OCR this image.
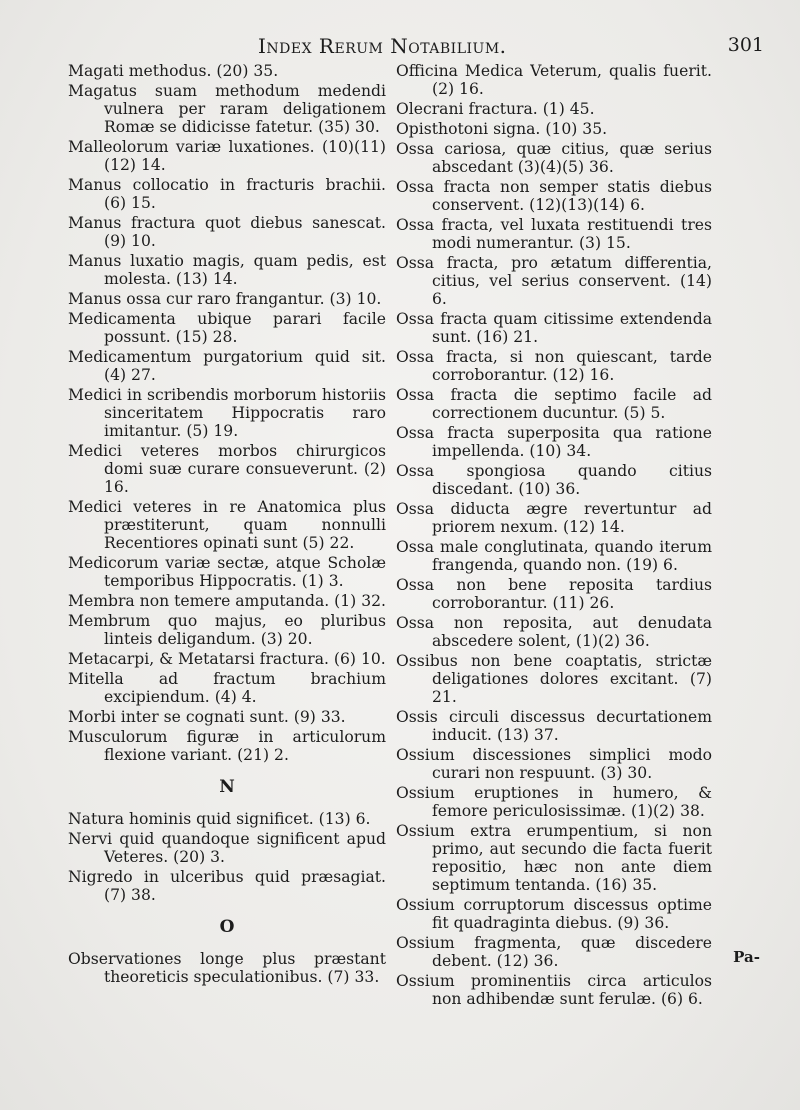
Index Rerum Notabilium.	301
Magati methodus. (20) 35.
Magatus suam methodum medendi vulnera per raram deligationem Romæ se didicisse fatetur. (35) 30.
Malleolorum variæ luxationes. (10)(11) (12) 14.
Manus collocatio in fracturis brachii. (6) 15.
Manus fractura quot diebus sanescat. (9) 10.
Manus luxatio magis, quam pedis, est molesta. (13) 14.
Manus ossa cur raro frangantur. (3) 10.
Medicamenta ubique parari facile possunt. (15) 28.
Medicamentum purgatorium quid sit. (4) 27.
Medici in scribendis morborum historiis sinceritatem Hippocratis raro imitantur. (5) 19.
Medici veteres morbos chirurgicos domi suæ curare consueverunt. (2) 16.
Medici veteres in re Anatomica plus præstiterunt, quam nonnulli Recentiores opinati sunt (5) 22.
Medicorum variæ sectæ, atque Scholæ temporibus Hippocratis. (1) 3.
Membra non temere amputanda. (1) 32.
Membrum quo majus, eo pluribus linteis deligandum. (3) 20.
Metacarpi, & Metatarsi fractura. (6) 10.
Mitella ad fractum brachium excipiendum. (4) 4.
Morbi inter se cognati sunt. (9) 33.
Musculorum figuræ in articulorum flexione variant. (21) 2.
N
Natura hominis quid significet. (13) 6.
Nervi quid quandoque significent apud Veteres. (20) 3.
Nigredo in ulceribus quid præsagiat. (7) 38.
O
Observationes longe plus præstant theoreticis speculationibus. (7) 33.
Officina Medica Veterum, qualis fuerit. (2) 16.
Olecrani fractura. (1) 45.
Opisthotoni signa. (10) 35.
Ossa cariosa, quæ citius, quæ serius abscedant (3)(4)(5) 36.
Ossa fracta non semper statis diebus conservent. (12)(13)(14) 6.
Ossa fracta, vel luxata restituendi tres modi numerantur. (3) 15.
Ossa fracta, pro ætatum differentia, citius, vel serius conservent. (14) 6.
Ossa fracta quam citissime extendenda sunt. (16) 21.
Ossa fracta, si non quiescant, tarde corroborantur. (12) 16.
Ossa fracta die septimo facile ad correctionem ducuntur. (5) 5.
Ossa fracta superposita qua ratione impellenda. (10) 34.
Ossa spongiosa quando citius discedant. (10) 36.
Ossa diducta ægre revertuntur ad priorem nexum. (12) 14.
Ossa male conglutinata, quando iterum frangenda, quando non. (19) 6.
Ossa non bene reposita tardius corroborantur. (11) 26.
Ossa non reposita, aut denudata abscedere solent, (1)(2) 36.
Ossibus non bene coaptatis, strictæ deligationes dolores excitant. (7) 21.
Ossis circuli discessus decurtationem inducit. (13) 37.
Ossium discessiones simplici modo curari non respuunt. (3) 30.
Ossium eruptiones in humero, & femore periculosissimæ. (1)(2) 38.
Ossium extra erumpentium, si non primo, aut secundo die facta fuerit repositio, hæc non ante diem septimum tentanda. (16) 35.
Ossium corruptorum discessus optime fit quadraginta diebus. (9) 36.
Ossium fragmenta, quæ discedere debent. (12) 36.
Ossium prominentiis circa articulos non adhibendæ sunt ferulæ. (6) 6.
Pa-
